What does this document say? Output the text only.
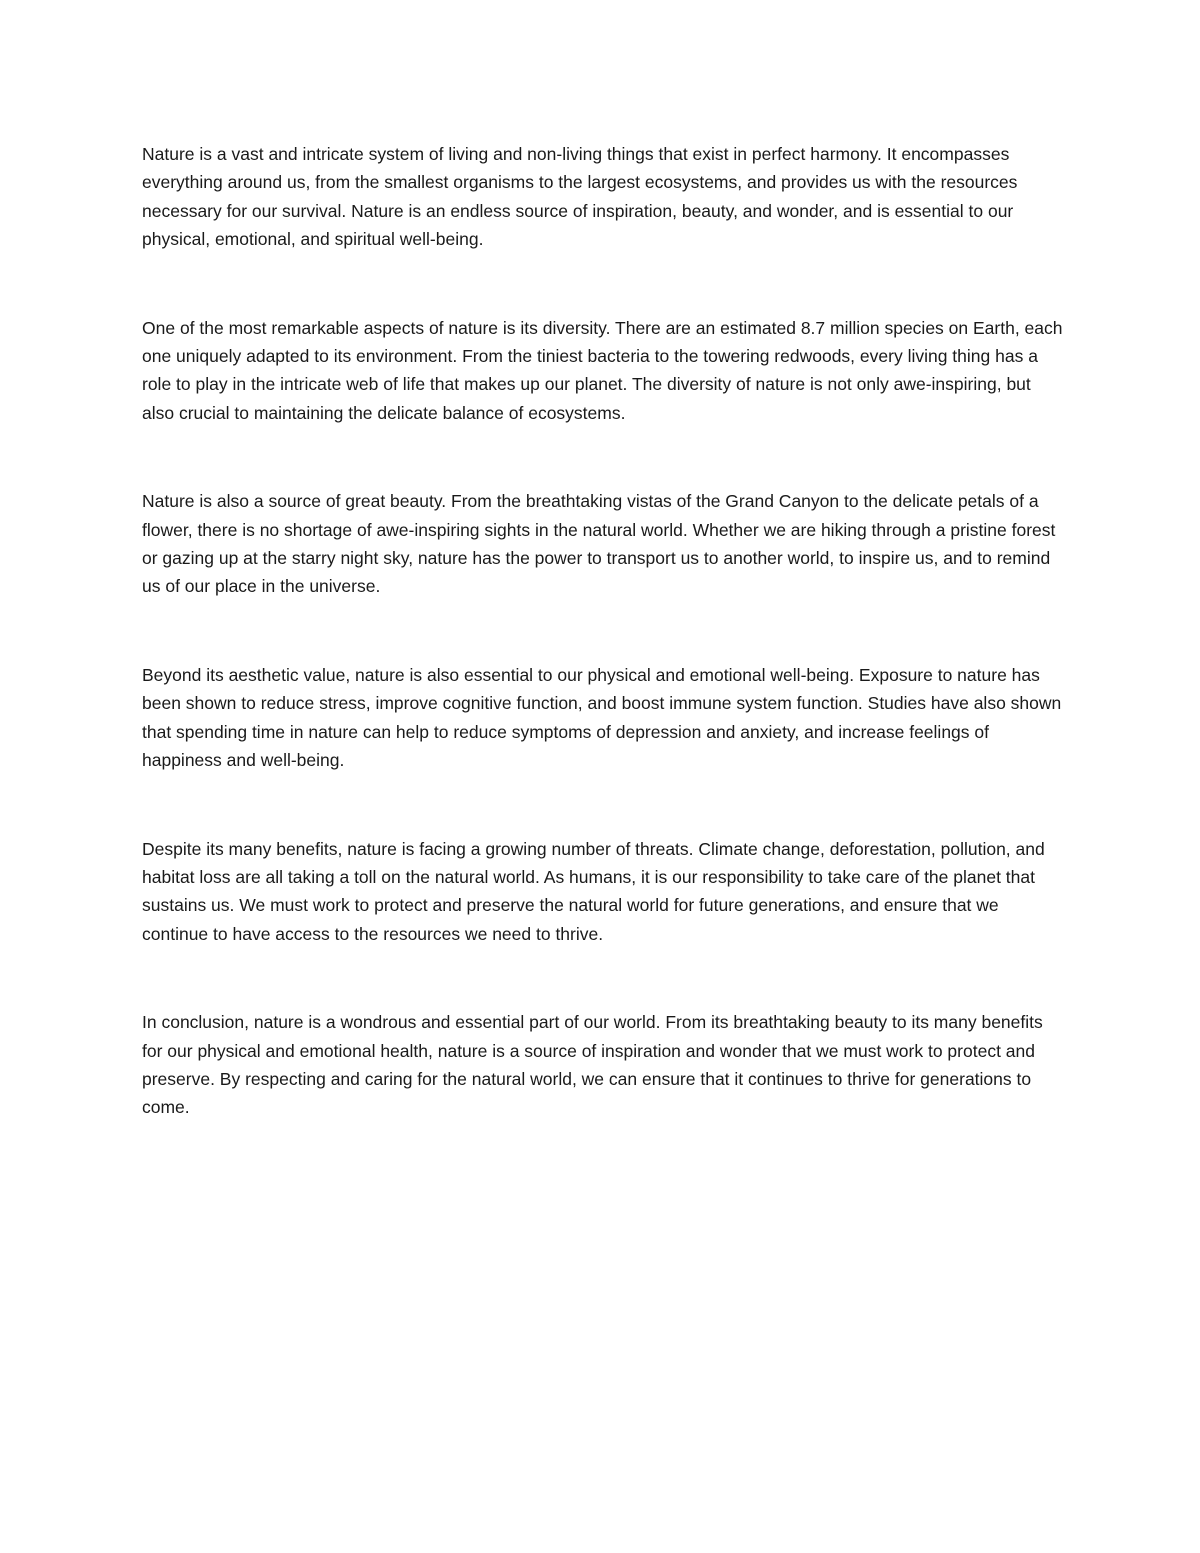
Nature is a vast and intricate system of living and non-living things that exist in perfect harmony. It encompasses everything around us, from the smallest organisms to the largest ecosystems, and provides us with the resources necessary for our survival. Nature is an endless source of inspiration, beauty, and wonder, and is essential to our physical, emotional, and spiritual well-being.

One of the most remarkable aspects of nature is its diversity. There are an estimated 8.7 million species on Earth, each one uniquely adapted to its environment. From the tiniest bacteria to the towering redwoods, every living thing has a role to play in the intricate web of life that makes up our planet. The diversity of nature is not only awe-inspiring, but also crucial to maintaining the delicate balance of ecosystems.

Nature is also a source of great beauty. From the breathtaking vistas of the Grand Canyon to the delicate petals of a flower, there is no shortage of awe-inspiring sights in the natural world. Whether we are hiking through a pristine forest or gazing up at the starry night sky, nature has the power to transport us to another world, to inspire us, and to remind us of our place in the universe.

Beyond its aesthetic value, nature is also essential to our physical and emotional well-being. Exposure to nature has been shown to reduce stress, improve cognitive function, and boost immune system function. Studies have also shown that spending time in nature can help to reduce symptoms of depression and anxiety, and increase feelings of happiness and well-being.

Despite its many benefits, nature is facing a growing number of threats. Climate change, deforestation, pollution, and habitat loss are all taking a toll on the natural world. As humans, it is our responsibility to take care of the planet that sustains us. We must work to protect and preserve the natural world for future generations, and ensure that we continue to have access to the resources we need to thrive.

In conclusion, nature is a wondrous and essential part of our world. From its breathtaking beauty to its many benefits for our physical and emotional health, nature is a source of inspiration and wonder that we must work to protect and preserve. By respecting and caring for the natural world, we can ensure that it continues to thrive for generations to come.
